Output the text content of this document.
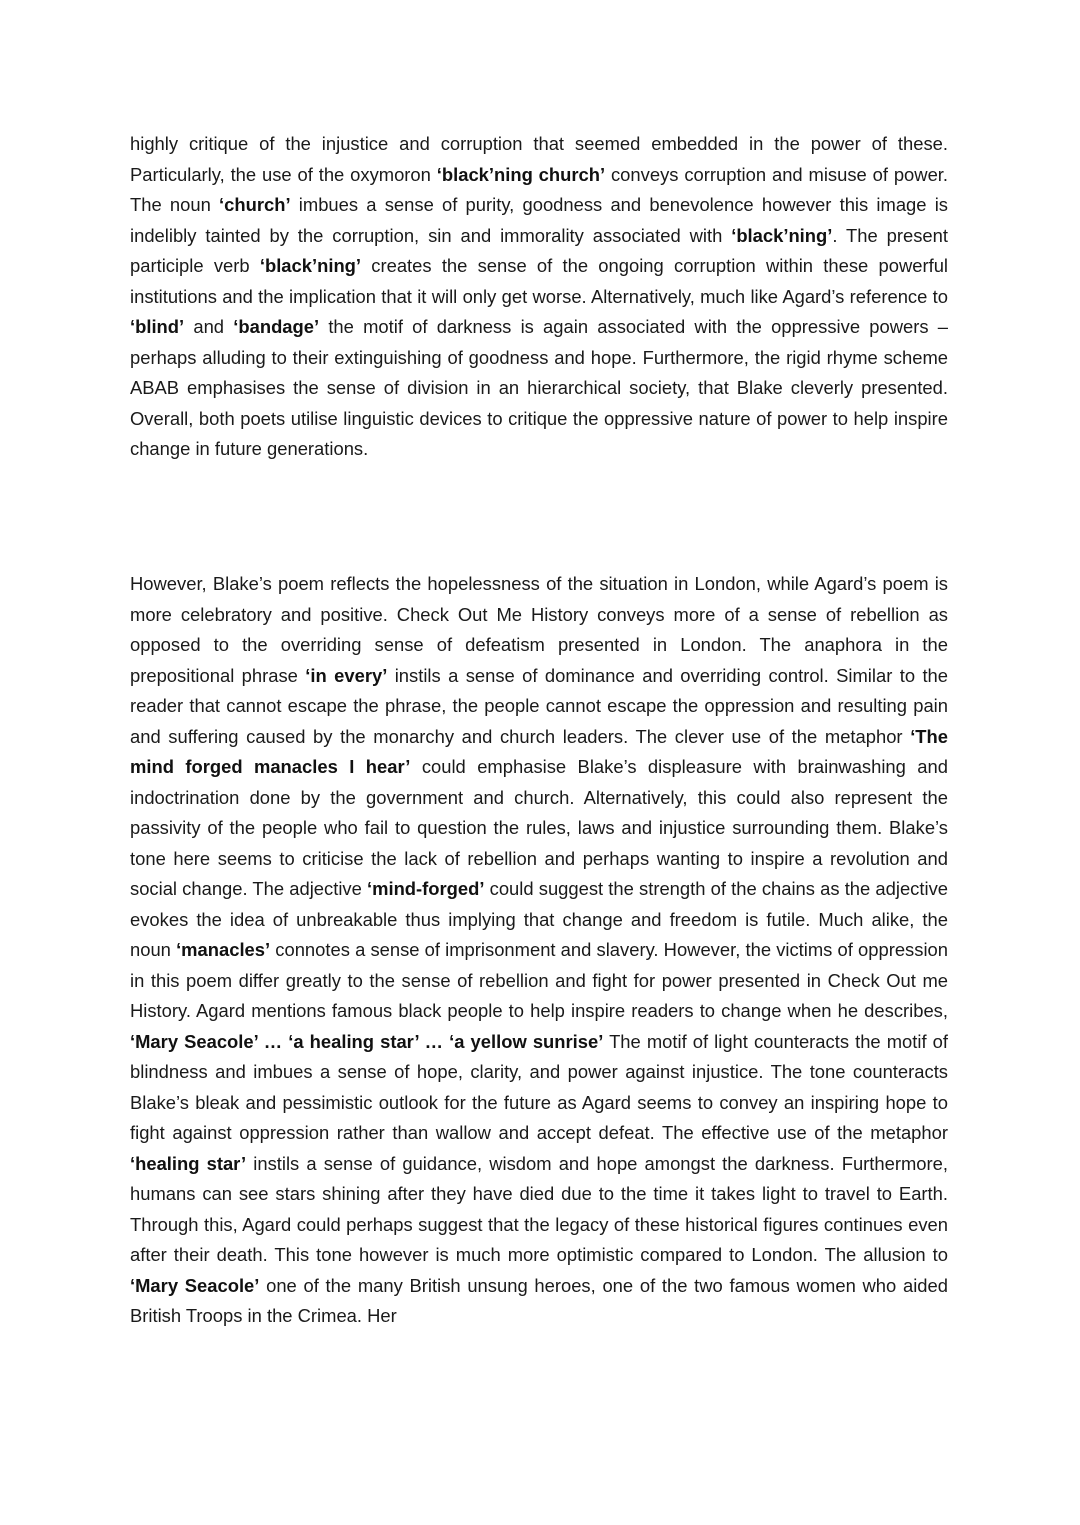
highly critique of the injustice and corruption that seemed embedded in the power of these. Particularly, the use of the oxymoron ‘black’ning church’ conveys corruption and misuse of power. The noun ‘church’ imbues a sense of purity, goodness and benevolence however this image is indelibly tainted by the corruption, sin and immorality associated with ‘black’ning’. The present participle verb ‘black’ning’ creates the sense of the ongoing corruption within these powerful institutions and the implication that it will only get worse. Alternatively, much like Agard’s reference to ‘blind’ and ‘bandage’ the motif of darkness is again associated with the oppressive powers – perhaps alluding to their extinguishing of goodness and hope. Furthermore, the rigid rhyme scheme ABAB emphasises the sense of division in an hierarchical society, that Blake cleverly presented. Overall, both poets utilise linguistic devices to critique the oppressive nature of power to help inspire change in future generations.

However, Blake’s poem reflects the hopelessness of the situation in London, while Agard’s poem is more celebratory and positive. Check Out Me History conveys more of a sense of rebellion as opposed to the overriding sense of defeatism presented in London. The anaphora in the prepositional phrase ‘in every’ instils a sense of dominance and overriding control. Similar to the reader that cannot escape the phrase, the people cannot escape the oppression and resulting pain and suffering caused by the monarchy and church leaders. The clever use of the metaphor ‘The mind forged manacles I hear’ could emphasise Blake’s displeasure with brainwashing and indoctrination done by the government and church. Alternatively, this could also represent the passivity of the people who fail to question the rules, laws and injustice surrounding them. Blake’s tone here seems to criticise the lack of rebellion and perhaps wanting to inspire a revolution and social change. The adjective ‘mind-forged’ could suggest the strength of the chains as the adjective evokes the idea of unbreakable thus implying that change and freedom is futile. Much alike, the noun ‘manacles’ connotes a sense of imprisonment and slavery. However, the victims of oppression in this poem differ greatly to the sense of rebellion and fight for power presented in Check Out me History. Agard mentions famous black people to help inspire readers to change when he describes, ‘Mary Seacole’ … ‘a healing star’ … ‘a yellow sunrise’ The motif of light counteracts the motif of blindness and imbues a sense of hope, clarity, and power against injustice. The tone counteracts Blake’s bleak and pessimistic outlook for the future as Agard seems to convey an inspiring hope to fight against oppression rather than wallow and accept defeat. The effective use of the metaphor ‘healing star’ instils a sense of guidance, wisdom and hope amongst the darkness. Furthermore, humans can see stars shining after they have died due to the time it takes light to travel to Earth. Through this, Agard could perhaps suggest that the legacy of these historical figures continues even after their death. This tone however is much more optimistic compared to London. The allusion to ‘Mary Seacole’ one of the many British unsung heroes, one of the two famous women who aided British Troops in the Crimea. Her
